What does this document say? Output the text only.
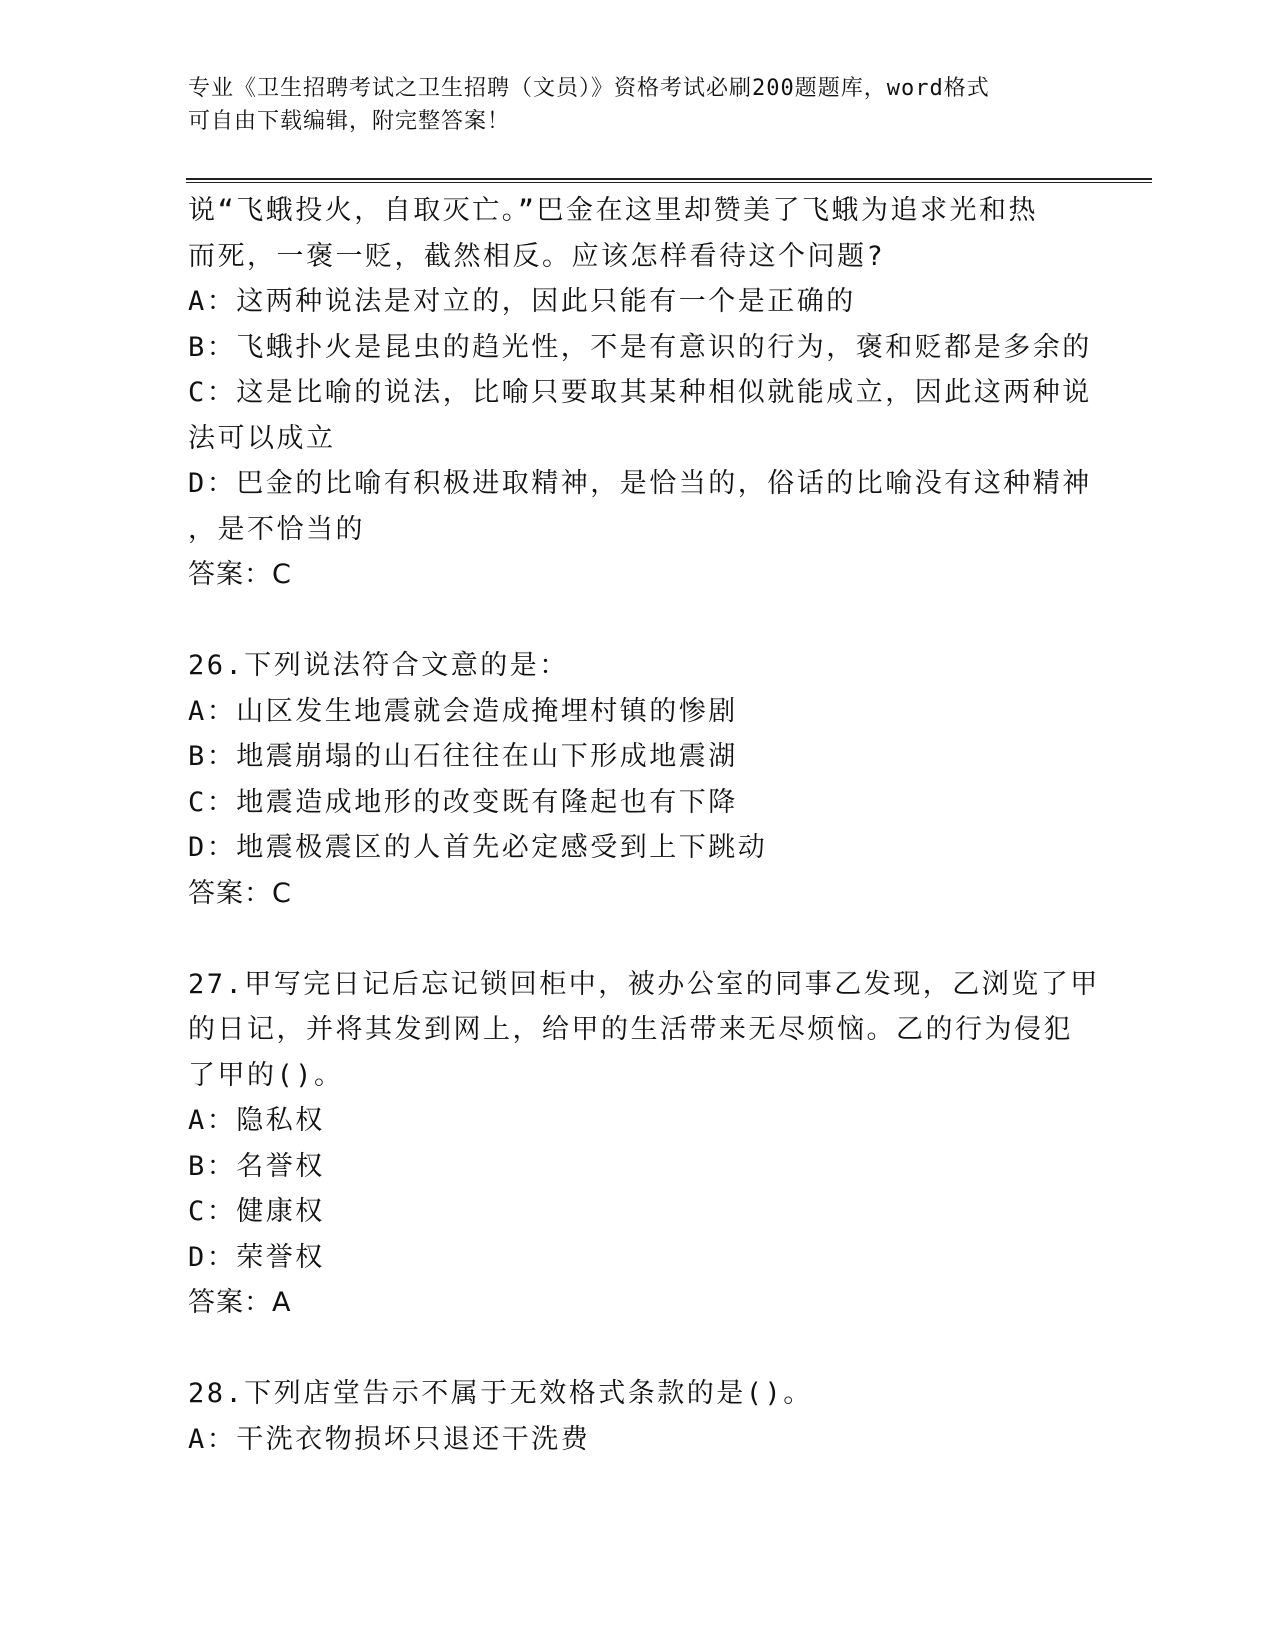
专业《卫生招聘考试之卫生招聘（文员）》资格考试必刷200题题库，word格式
可自由下载编辑，附完整答案！
说“飞蛾投火，自取灭亡。”巴金在这里却赞美了飞蛾为追求光和热
而死，一褒一贬，截然相反。应该怎样看待这个问题?
A：这两种说法是对立的，因此只能有一个是正确的
B：飞蛾扑火是昆虫的趋光性，不是有意识的行为，褒和贬都是多余的
C：这是比喻的说法，比喻只要取其某种相似就能成立，因此这两种说
法可以成立
D：巴金的比喻有积极进取精神，是恰当的，俗话的比喻没有这种精神
，是不恰当的
答案：C
26.下列说法符合文意的是：
A：山区发生地震就会造成掩埋村镇的惨剧
B：地震崩塌的山石往往在山下形成地震湖
C：地震造成地形的改变既有隆起也有下降
D：地震极震区的人首先必定感受到上下跳动
答案：C
27.甲写完日记后忘记锁回柜中，被办公室的同事乙发现，乙浏览了甲
的日记，并将其发到网上，给甲的生活带来无尽烦恼。乙的行为侵犯
了甲的()。
A：隐私权
B：名誉权
C：健康权
D：荣誉权
答案：A
28.下列店堂告示不属于无效格式条款的是()。
A：干洗衣物损坏只退还干洗费
